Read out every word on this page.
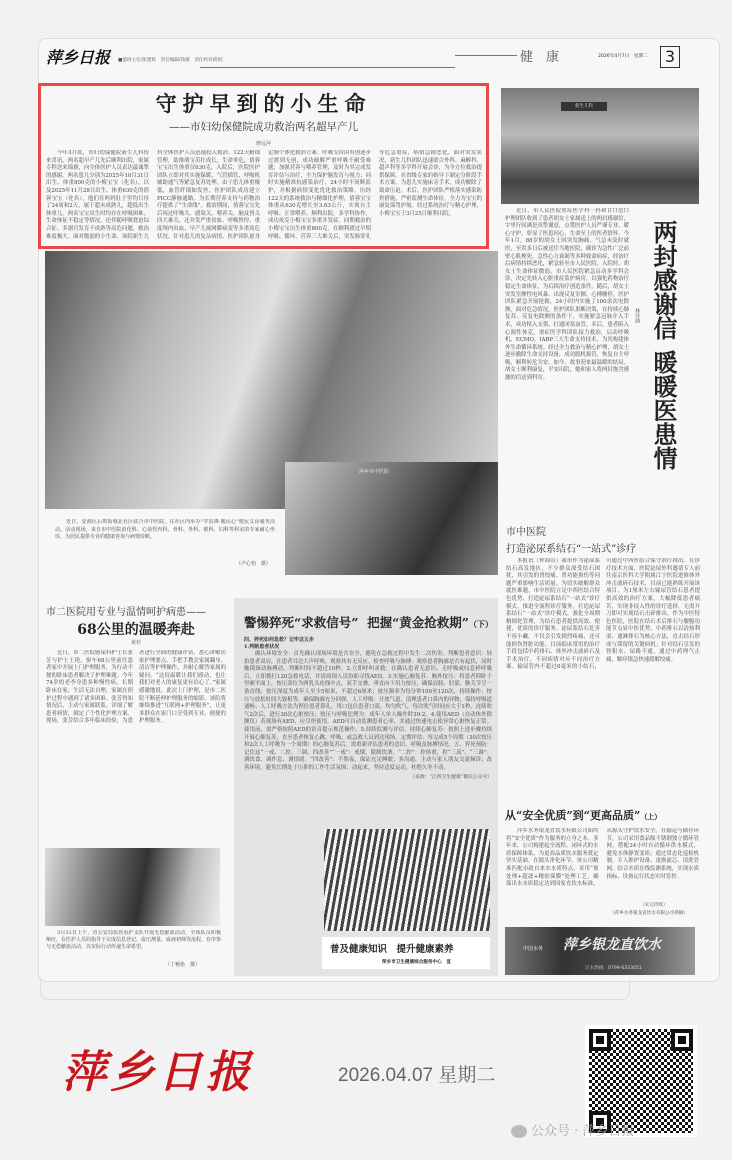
萍乡日报 ■值班主任/张建辉　责任编辑/钱薇　责任校对/阳红	健　康	2026年4月7日　星期二	3
守护早到的小生命
——市妇幼保健院成功救治两名超早产儿
廖远萍
今年3月底，市妇幼保健院新生儿科传来喜讯，两名超早产儿先后顺利出院，家属专程送来锦旗，向全体医护人员表达最诚挚的感谢。两名患儿分别为2025年10月31日出生、体重800克的小梅宝宝（化名），以及2025年11月28日出生、体重630克的倩蓉宝宝（化名），他们在妈妈肚子里均只待了24周和2天，属于超未成熟儿，超低出生体重儿。两名宝宝出生时均存在呼吸困难、生命体征不稳定等情况，还伴随呼吸窘迫综合征、多器官发育不成熟等高危问题，救治难度极大。面对脆弱的小生命，该院新生儿科全体医护人员迅速投入救治。122天精细管理，助推萌宝茁壮成长。生命垂危，倩蓉宝宝出生体重仅630克，入院后，医院医护团队立即对其实施保暖、气管插管、呼吸机辅助通气等紧急复苏处理。由于患儿体重极低，血管纤细如发丝，医护团队成功建立PICC静脉通路，为长期营养支持与药物治疗提供了“生命线”。救治期间，倩蓉宝宝先后闯过呼吸关、感染关、喂养关、脑及肾关四大难关，还并发严重贫血、呼吸暂停、重度颅内出血、早产儿视网膜病变等多重高危状况。针对患儿的复杂病情，医护团队量身定制个体化救治方案：呼吸支持由有创逐步过渡到无创，成功破解严重呼吸不耐受难题；加强营养与喂养管理，及时为其完成发育评估与治疗，全力保护脑发育与视力；同时实施精准抗感染治疗，24小时不间断监护，并根据病情变化优化救治策略。历经122天的系统救治与精细化护理，倩蓉宝宝体重从630克增长至3.63公斤，实现自主呼吸、正常喂养，顺利出院。多学科协作，成功攻克小梅宝宝多重并发症。同期救治的小梅宝宝出生体重800克，在顺利渡过早期呼吸、循环、营养三大难关后，突发肠穿孔等危急重症，病情急剧恶化。面对突发状况，新生儿科团队迅速联合外科、麻醉科、超声科等多学科开展会诊，为全方位救治提供保障。在省级专家的指导下制定分阶段手术方案，为患儿实施床旁手术，成功解除了致命压迫。术后，医护团队严格落实感染防控措施，严密监测生命体征，全力为宝宝的康复保驾护航。经过系统治疗与精心护理，小梅宝宝于3月25日顺利出院。
新生儿科
近日，市人民医院重症医学科一科和甘口造口护理团队收到了患者胡女士家属送上的两封感谢信，字里行间满是真挚谢意，点赞医护人员严谨专业、暖心守护，彰显了医患同心、生命至上的医者情怀。今年1月，88岁的胡女士因突发胸痛、气急未及时就医，至误多日后被送往当地医院，确诊为急性广泛前壁心肌梗死、急性心力衰竭等多种致命病症，经治疗后病情持续恶化，紧急转至市人民医院。入院时，胡女士生命体征微弱，市人民医院紧急启动多学科会诊，决定先转入心脏重症监护病房，以强化药物治疗稳定生命体征，为后续治疗创造条件。随后，胡女士突发室颤性电风暴、出现反复室颤、心搏骤停，医护团队紧急开展抢救，24小时内实施了100余次电除颤。面对危急情况，医护团队果断决策，在持续心肺复苏、反复电除颤的条件下，实施紧急冠脉介入手术，成功植入支架、打通闭塞血管。术后，患者陷入心源性休克，重症医学科团队接力救治，启动呼吸机、ECMO、IABP三大生命支持技术，为其构建体外生命循环系统。经过全力救治与精心护理，胡女士逐步撤除生命支持设备，成功脱机拔管，恢复自主呼吸，顺利转危为安。如今，故事迎来最温暖的结局。胡女士顺利康复，平安出院，她和家人将两封饱含感激的信送到科室。
两封感谢信
暖暖医患情
林诗涵
萍乡市中医院
近日，安源区后埠街城北社区联合市中医院，在社区内举办“学雷锋·暖民心”便民义诊服务活动。活动现场，来自市中医院消化科、心血管内科、骨科、外科、眼科、妇科等科室的专家耐心坐诊，为居民提供专业的健康咨询与病情诊断。
（卢心怡　摄）
市中医院
打造泌尿系结石“一站式”诊疗
本报讯（钟海山）我市作为泌尿系结石高发地区，不少群众深受结石困扰，其引发的肾绞痛、肾功能损伤等问题严重影响生活质量。为切实破解群众就医难题，市中医院立足中西医结合特色优势，打造泌尿系结石“一站式”诊疗模式，推进全流程诊疗服务，打造泌尿系结石“一站式”诊疗模式，强化全周期精细化管理，为结石患者提供高效、便捷、优质的诊疗服务。泌尿系结石危害不容小觑，不仅会引发剧烈疼痛，还可能损伤肾脏功能。目前临床常用的治疗手段包括中药排石、体外冲击波碎石及手术治疗，不同病情对应不同治疗方案。输尿管内不超过6毫米的小结石，可通过中西医结合保守治疗排出。在诊疗技术方面，医院泌尿外科邀请专人前往南京医科大学附属江宁医院进修体外冲击波碎石技术，目前已能熟练开展该项目，为1厘米左右输尿管结石患者提供高效的治疗方案，大幅降低患者痛苦，实现非侵入性的诊疗选择，无需开刀即可实现结石击碎排出。作为中医特色医院，医院在结石术后排石与腰腹功能节点显中医优势，中药排石以清热利湿、通淋排石为核心方法，直击结石形成与滞留的关键病机；针对结石引发的肾积水、尿路不通，通过中药理气止痛，解痉镇急快速缓解绞痛。
市二医院用专业与温情呵护病患——
68公里的温暖奔赴
黄杉
近日，市二医院感染科护士长张芳与护士王艳，驱车68公里前往患者家中开展上门护理服务，为行动不便的卧床患者解决了护理难题。今年74岁的老李身患多种慢性病，长期卧床在家，生活无法自理，家属在照护过程中遇到了诸多困难。张芳得知情况后，主动与家属联系，详细了解患者病情，制定了个性化护理方案。现场，张芳结合多年临床经验，为患者进行全面的健康评估，悉心讲解居家护理要点，手把手教会家属翻身、清洁等护理操作，并耐心解答家属的疑问。“这份温暖让我们感动，也让我们对老人的康复更有信心了。”家属感激地说。此次上门护理，是市二医院不断延伸护理服务的缩影。该院将继续推进“互联网+护理服务”，让更多群众在家门口享受到专业、便捷的护理服务。
3月31日上午，市公安局监管看护支队开展无偿献血活动，全体队员积极响应，在医护人员的指导下完成信息登记、血压测量、血液初筛等流程，有序参与无偿献血活动，以实际行动传递生命希望。
（丁畅艳　摄）
警惕猝死“求救信号” 把握“黄金抢救期”（下）
四、猝死如何急救？记牢这五步
1.判断患者状况
确认环境安全：首先确认现场环境是否安全，避免在急救过程中发生二次伤害。判断患者意识：轻拍患者双肩，在患者耳边大声呼唤，观察其有无反应。检查呼吸与脉搏：观察患者胸廓是否有起伏，同时触摸颈动脉搏动，判断时间不超过10秒。2.立即呼叫求救：在确认患者无意识、无呼吸或叹息样呼吸后，立即拨打120急救电话，并请周围人员协助寻找AED。3.实施心肺复苏：胸外按压：将患者仰卧于坚硬平面上，按压部位为两乳头连线中点，双手交叠，垂直向下用力按压，确保肩膀、肘部、腕关节呈一条直线；按压深度为成年人至少5厘米、不超过6厘米；按压频率为每分钟100至120次，持续操作；按压与放松时间大致相等，确保胸廓充分回弹。人工呼吸：开放气道，清理患者口鼻内的异物，保持呼吸道通畅；人工呼吸方法为捏住患者鼻孔，用口包住患者口部，均匀吹气，每次吹气时间应大于1秒，连续吹气2次后，进行30次心脏按压；按压与呼吸比例为：成年人单人操作时30:2。4.使用AED（自动体外除颤仪）若现场有AED，应尽快使用。AED可自动监测患者心率，并通过快速电击使异常心脏恢复正常。使用前，需严格按照AED的语音提示规范操作。5.持续监测与评估。持续心肺复苏：按照上述步骤持续开展心肺复苏，直至患者恢复心跳、呼吸，或急救人员到达现场。定期评估：每完成5个周期（30次按压和2次人工呼吸为一个周期）的心肺复苏后，需重新评估患者的意识、呼吸及脉搏情况。五、猝死预防：记住这“一戒、二控、三调、四改善”“一戒”：戒烟，限制饮酒。“二控”：控体重，控“三高”。“三调”：调饮食、调作息、调情绪。“四改善”：不熬夜，保证充足睡眠；多沟通，主动与家人朋友交流倾诉；改善环境，避免长期处于压抑的工作生活氛围；动起来，坚持适度运动，杜绝久坐不动。
（来源：“江西卫生健康”微信公众号）
普及健康知识　提升健康素养
萍乡市卫生健康综合服务中心　宣
从“安全优质”到“更高品质”（上）
萍乡水务银龙直饮水有限公司始终将“安全优质”作为服务的立身之本。多年来，公司构建起全流程、闭环式的水质保障体系，为更高品质饮水服务奠定坚实基础。在源头净化环节，该公司精准匹配市政自来水水质特点，采用“预处理+超滤+精密保膜”处理工艺，确保出水水质稳定达到国家直饮水标准，从源头守护饮水安全。在输运与储存环节，公司采用食品级不锈钢独立循环管网，搭配24小时自动循环供水模式，避免水体静置变质；通过常态化巡检机制，专人维护设备、更换滤芯、清洗管网，结合水质在线监测系统，实现水质指标、设备运行状态实时管控。
（未完待续）
（萍乡水务银龙直饮水有限公司供稿）
中国水务 萍乡银龙直饮水
订水热线：0799-6333051
萍乡日报	2026.04.07 星期二
公众号 · 萍乡日报
